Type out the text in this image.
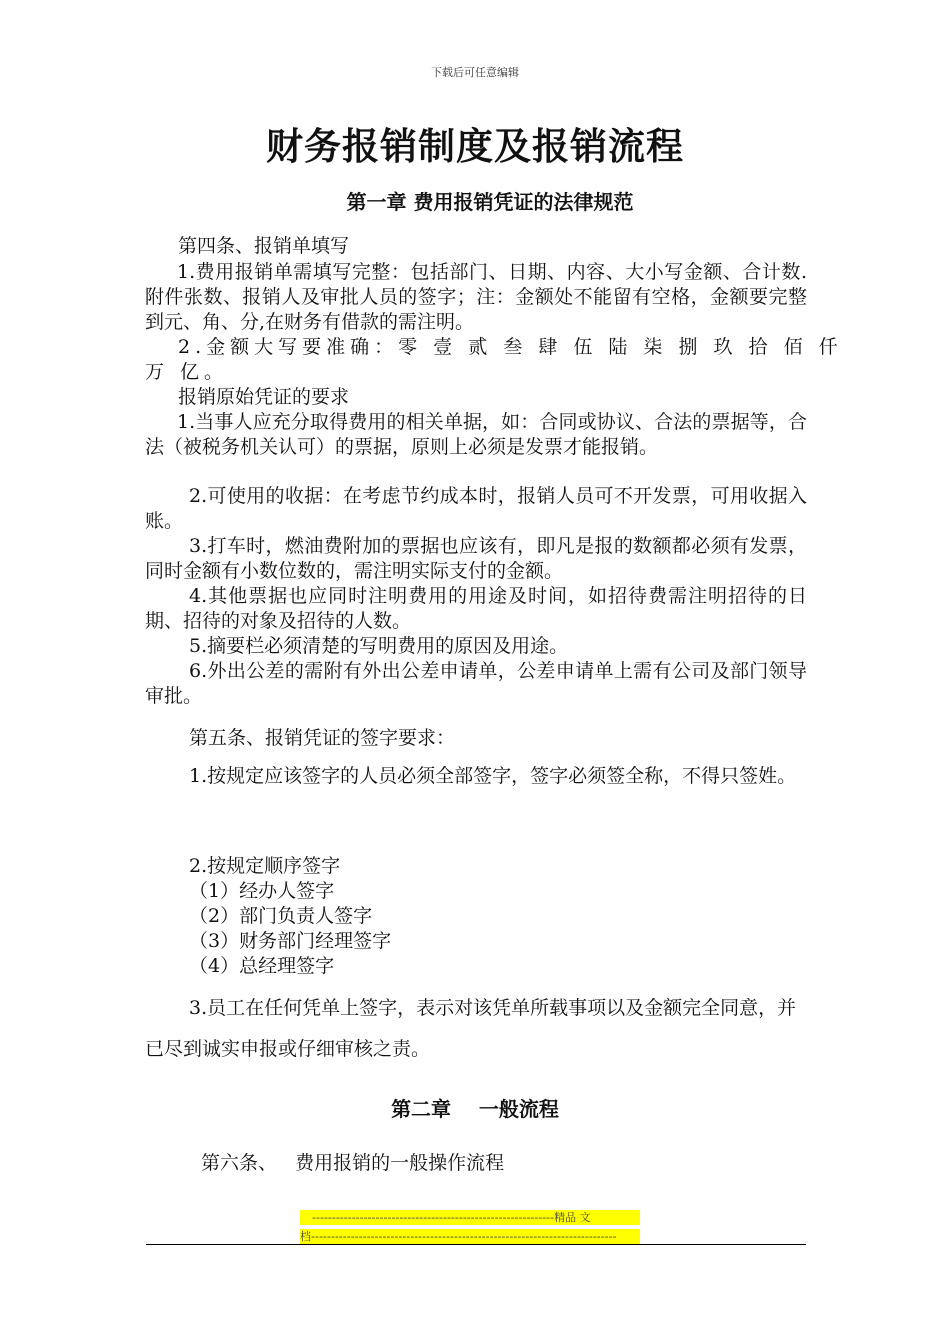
下载后可任意编辑
财务报销制度及报销流程
第一章 费用报销凭证的法律规范
第四条、报销单填写

1.费用报销单需填写完整：包括部门、日期、内容、大小写金额、合计数.附件张数、报销人及审批人员的签字；注：金额处不能留有空格，金额要完整到元、角、分,在财务有借款的需注明。

2.金额大写要准确：零 壹 贰 叁 肆 伍 陆 柒 捌 玖 拾 佰 仟
万 亿。
报销原始凭证的要求

1.当事人应充分取得费用的相关单据，如：合同或协议、合法的票据等，合法（被税务机关认可）的票据，原则上必须是发票才能报销。

2.可使用的收据：在考虑节约成本时，报销人员可不开发票，可用收据入账。

3.打车时，燃油费附加的票据也应该有，即凡是报的数额都必须有发票，同时金额有小数位数的，需注明实际支付的金额。

4.其他票据也应同时注明费用的用途及时间，如招待费需注明招待的日期、招待的对象及招待的人数。

5.摘要栏必须清楚的写明费用的原因及用途。

6.外出公差的需附有外出公差申请单，公差申请单上需有公司及部门领导审批。

第五条、报销凭证的签字要求：

1.按规定应该签字的人员必须全部签字，签字必须签全称，不得只签姓。

2.按规定顺序签字
（1）经办人签字
（2）部门负责人签字
（3）财务部门经理签字
（4）总经理签字

3.员工在任何凭单上签字，表示对该凭单所载事项以及金额完全同意，并已尽到诚实申报或仔细审核之责。

第二章    一般流程
第六条、   费用报销的一般操作流程
-------------------------------------------------------------精品 文
档-----------------------------------------------------------------------------
